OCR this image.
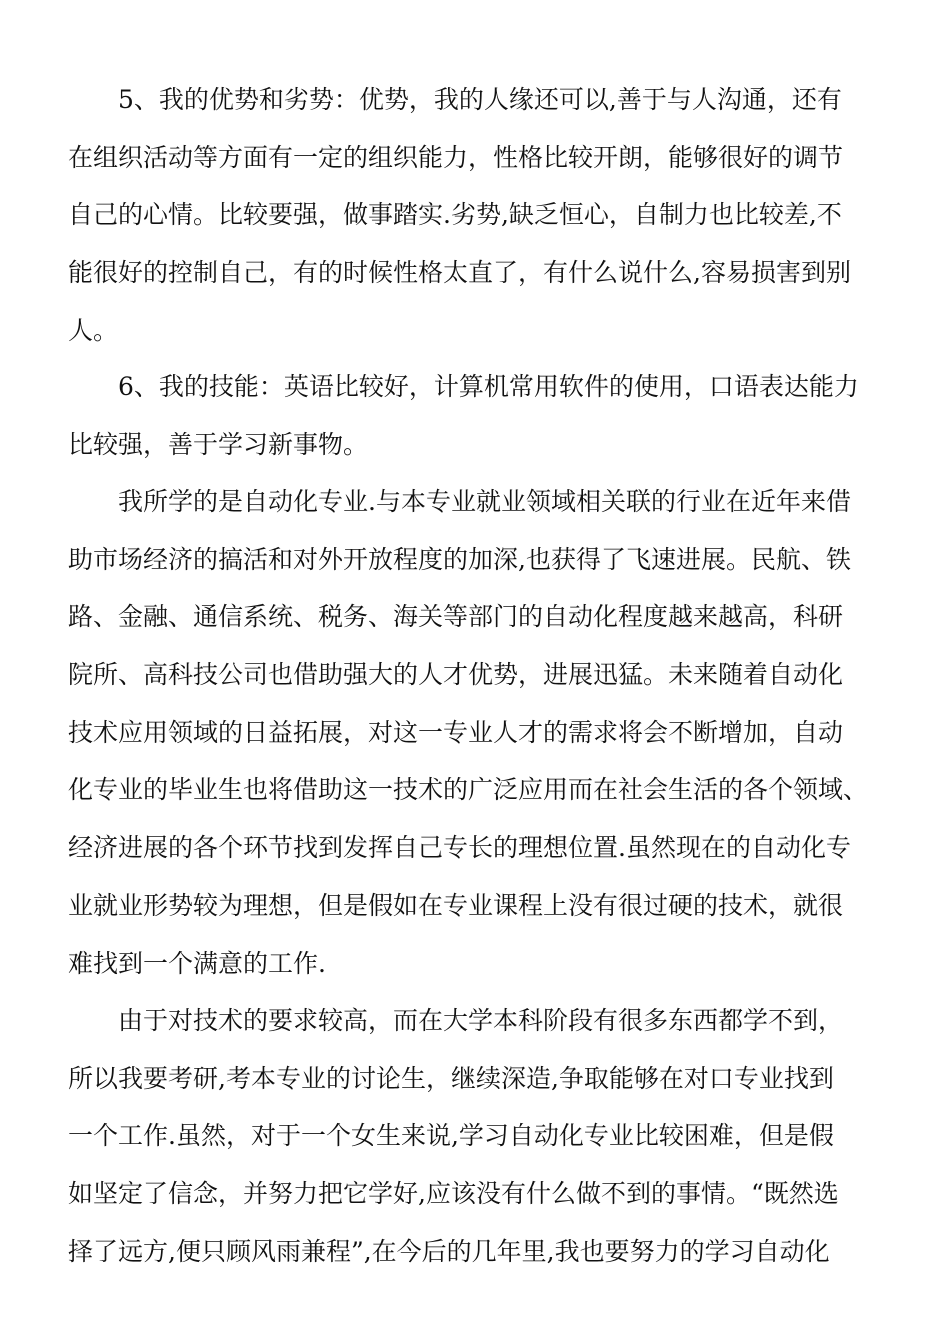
5、我的优势和劣势：优势，我的人缘还可以,善于与人沟通，还有
在组织活动等方面有一定的组织能力，性格比较开朗，能够很好的调节
自己的心情。比较要强，做事踏实.劣势,缺乏恒心，自制力也比较差,不
能很好的控制自己，有的时候性格太直了，有什么说什么,容易损害到别
人。
6、我的技能：英语比较好，计算机常用软件的使用，口语表达能力
比较强，善于学习新事物。
我所学的是自动化专业.与本专业就业领域相关联的行业在近年来借
助市场经济的搞活和对外开放程度的加深,也获得了飞速进展。民航、铁
路、金融、通信系统、税务、海关等部门的自动化程度越来越高，科研
院所、高科技公司也借助强大的人才优势，进展迅猛。未来随着自动化
技术应用领域的日益拓展，对这一专业人才的需求将会不断增加，自动
化专业的毕业生也将借助这一技术的广泛应用而在社会生活的各个领域、
经济进展的各个环节找到发挥自己专长的理想位置.虽然现在的自动化专
业就业形势较为理想，但是假如在专业课程上没有很过硬的技术，就很
难找到一个满意的工作.
由于对技术的要求较高，而在大学本科阶段有很多东西都学不到，
所以我要考研,考本专业的讨论生，继续深造,争取能够在对口专业找到
一个工作.虽然，对于一个女生来说,学习自动化专业比较困难，但是假
如坚定了信念，并努力把它学好,应该没有什么做不到的事情。“既然选
择了远方,便只顾风雨兼程”,在今后的几年里,我也要努力的学习自动化
